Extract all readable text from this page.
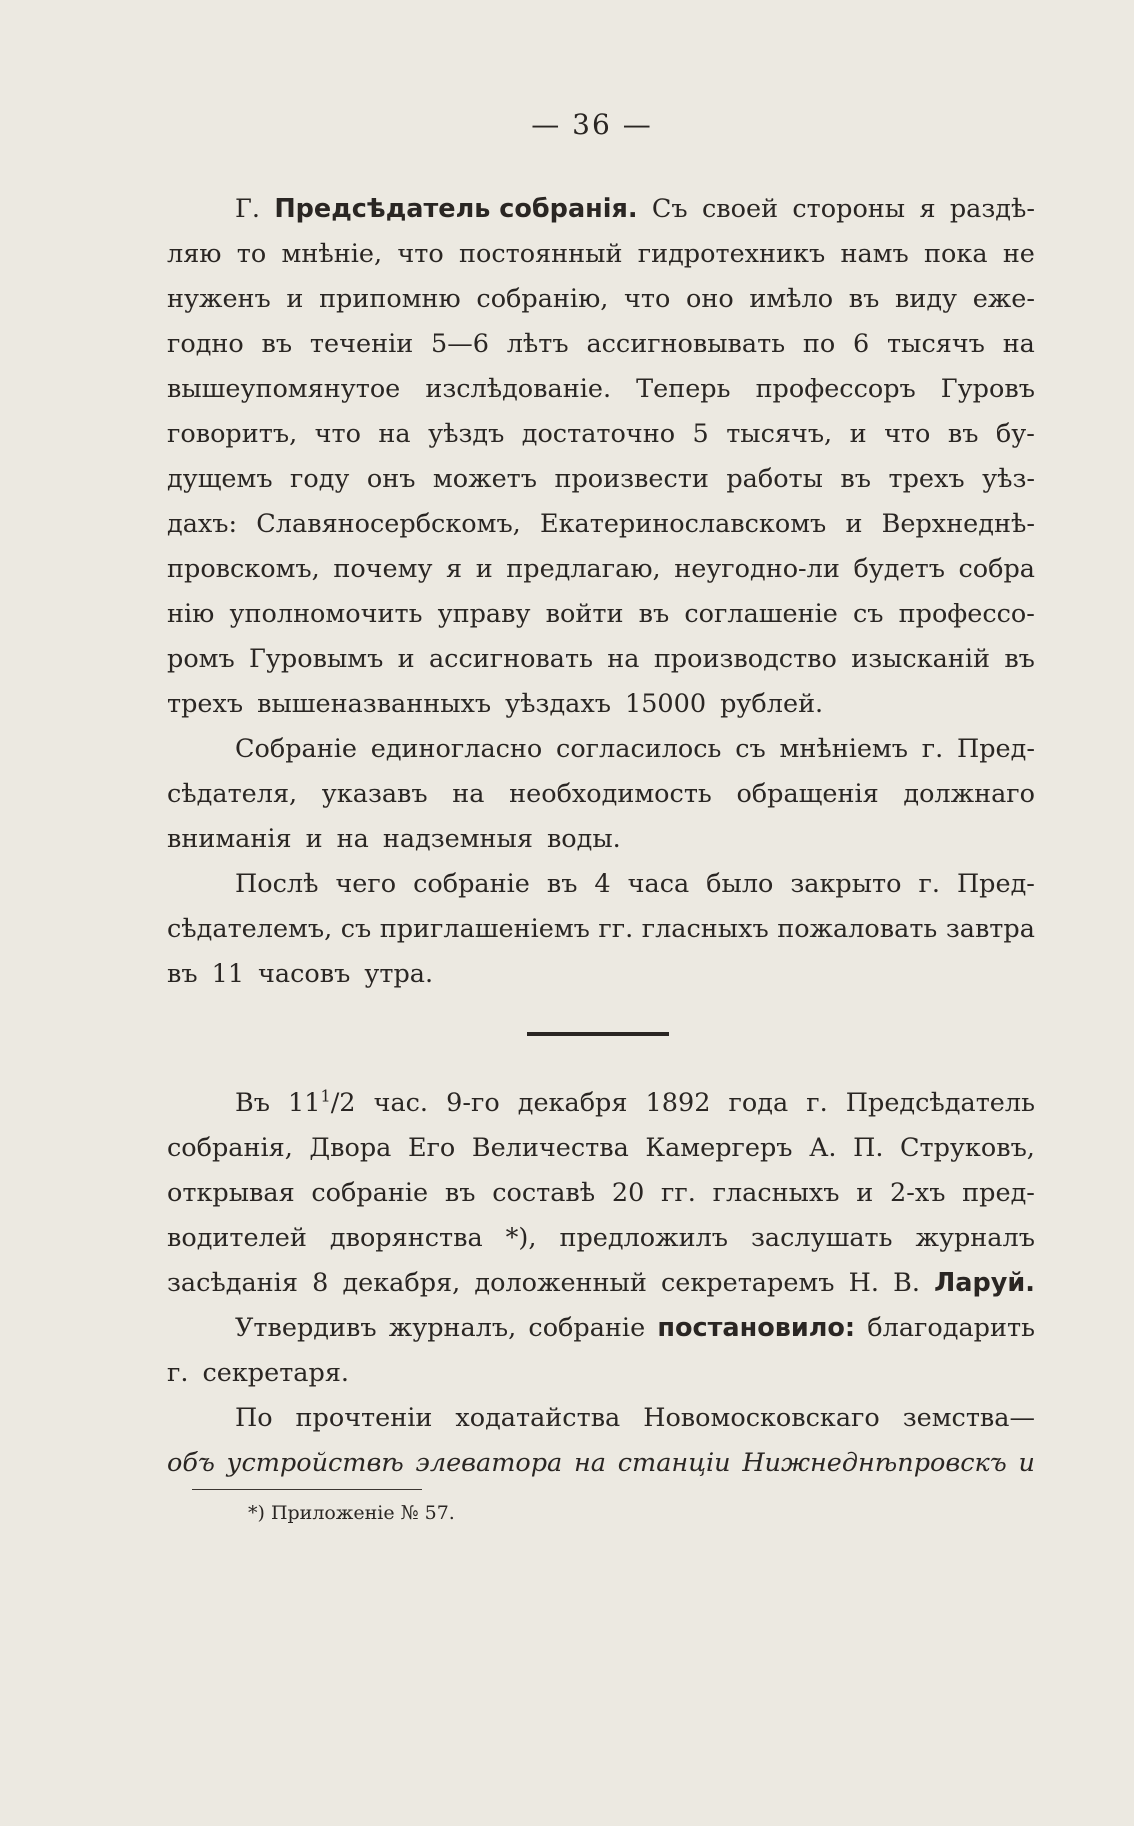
— 36 —
Г. Предсѣдатель собранія. Съ своей стороны я раздѣ-
ляю то мнѣніе, что постоянный гидротехникъ намъ пока не
нуженъ и припомню собранію, что оно имѣло въ виду еже-
годно въ теченіи 5—6 лѣтъ ассигновывать по 6 тысячъ на
вышеупомянутое изслѣдованіе. Теперь профессоръ Гуровъ
говоритъ, что на уѣздъ достаточно 5 тысячъ, и что въ бу-
дущемъ году онъ можетъ произвести работы въ трехъ уѣз-
дахъ: Славяносербскомъ, Екатеринославскомъ и Верхнеднѣ-
провскомъ, почему я и предлагаю, неугодно-ли будетъ собра
нію уполномочить управу войти въ соглашеніе съ профессо-
ромъ Гуровымъ и ассигновать на производство изысканій въ
трехъ вышеназванныхъ уѣздахъ 15000 рублей.
Собраніе единогласно согласилось съ мнѣніемъ г. Пред-
сѣдателя, указавъ на необходимость обращенія должнаго
вниманія и на надземныя воды.
Послѣ чего собраніе въ 4 часа было закрыто г. Пред-
сѣдателемъ, съ приглашеніемъ гг. гласныхъ пожаловать завтра
въ 11 часовъ утра.
Въ $11^1/2$ час. 9-го декабря 1892 года г. Предсѣдатель
собранія, Двора Его Величества Камергеръ А. П. Струковъ,
открывая собраніе въ составѣ 20 гг. гласныхъ и 2-хъ пред-
водителей дворянства *), предложилъ заслушать журналъ
засѣданія 8 декабря, доложенный секретаремъ Н. В. Ларуй.
Утвердивъ журналъ, собраніе постановило: благодарить
г. секретаря.
По прочтеніи ходатайства Новомосковскаго земства—
объ устройствѣ элеватора на станціи Нижнеднѣпровскъ и
*) Приложеніе № 57.
